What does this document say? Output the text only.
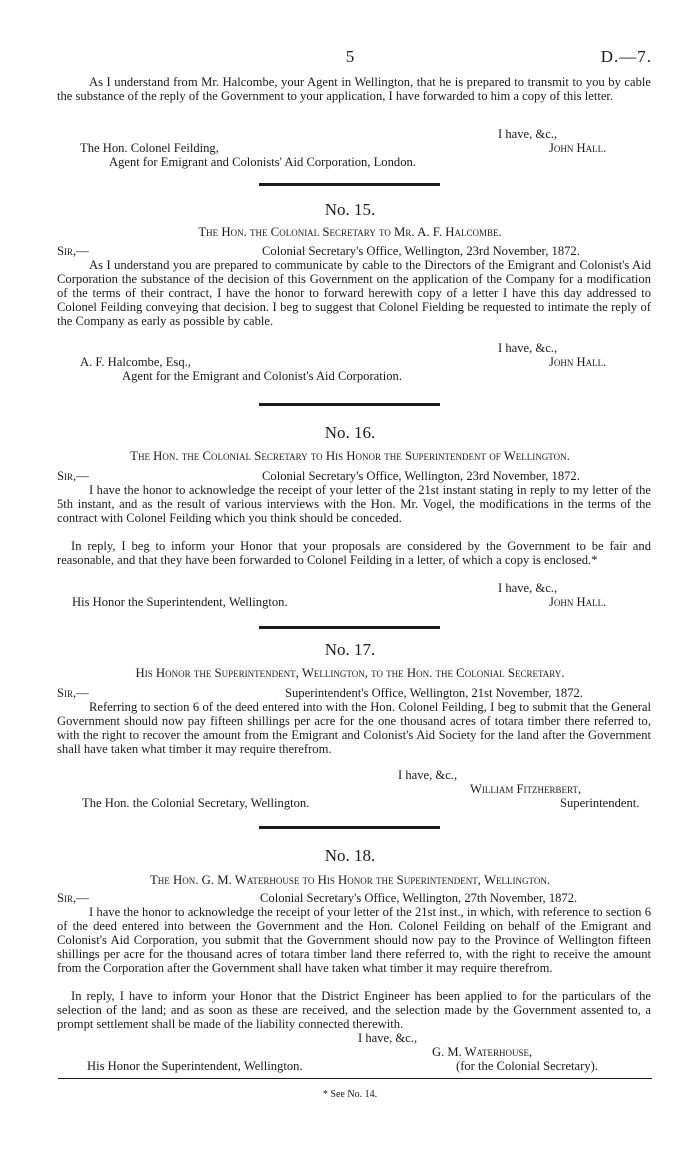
5	D.—7.

As I understand from Mr. Halcombe, your Agent in Wellington, that he is prepared to transmit to you by cable the substance of the reply of the Government to your application, I have forwarded to him a copy of this letter.

I have, &c.,
The Hon. Colonel Feilding,	John Hall.
Agent for Emigrant and Colonists' Aid Corporation, London.
No. 15.
The Hon. the Colonial Secretary to Mr. A. F. Halcombe.
Sir,—	Colonial Secretary's Office, Wellington, 23rd November, 1872.

As I understand you are prepared to communicate by cable to the Directors of the Emigrant and Colonist's Aid Corporation the substance of the decision of this Government on the application of the Company for a modification of the terms of their contract, I have the honor to forward herewith copy of a letter I have this day addressed to Colonel Feilding conveying that decision. I beg to suggest that Colonel Fielding be requested to intimate the reply of the Company as early as possible by cable.

I have, &c.,
A. F. Halcombe, Esq.,	John Hall.
Agent for the Emigrant and Colonist's Aid Corporation.
No. 16.
The Hon. the Colonial Secretary to His Honor the Superintendent of Wellington.
Sir,—	Colonial Secretary's Office, Wellington, 23rd November, 1872.

I have the honor to acknowledge the receipt of your letter of the 21st instant stating in reply to my letter of the 5th instant, and as the result of various interviews with the Hon. Mr. Vogel, the modifications in the terms of the contract with Colonel Feilding which you think should be conceded.

In reply, I beg to inform your Honor that your proposals are considered by the Government to be fair and reasonable, and that they have been forwarded to Colonel Feilding in a letter, of which a copy is enclosed.*

I have, &c.,
His Honor the Superintendent, Wellington.	John Hall.
No. 17.
His Honor the Superintendent, Wellington, to the Hon. the Colonial Secretary.
Sir,—	Superintendent's Office, Wellington, 21st November, 1872.

Referring to section 6 of the deed entered into with the Hon. Colonel Feilding, I beg to submit that the General Government should now pay fifteen shillings per acre for the one thousand acres of totara timber there referred to, with the right to recover the amount from the Emigrant and Colonist's Aid Society for the land after the Government shall have taken what timber it may require therefrom.

I have, &c.,
William Fitzherbert,
The Hon. the Colonial Secretary, Wellington.	Superintendent.
No. 18.
The Hon. G. M. Waterhouse to His Honor the Superintendent, Wellington.
Sir,—	Colonial Secretary's Office, Wellington, 27th November, 1872.

I have the honor to acknowledge the receipt of your letter of the 21st inst., in which, with reference to section 6 of the deed entered into between the Government and the Hon. Colonel Feilding on behalf of the Emigrant and Colonist's Aid Corporation, you submit that the Government should now pay to the Province of Wellington fifteen shillings per acre for the thousand acres of totara timber land there referred to, with the right to receive the amount from the Corporation after the Government shall have taken what timber it may require therefrom.

In reply, I have to inform your Honor that the District Engineer has been applied to for the particulars of the selection of the land; and as soon as these are received, and the selection made by the Government assented to, a prompt settlement shall be made of the liability connected therewith.

I have, &c.,
G. M. Waterhouse,
His Honor the Superintendent, Wellington.	(for the Colonial Secretary).
* See No. 14.
